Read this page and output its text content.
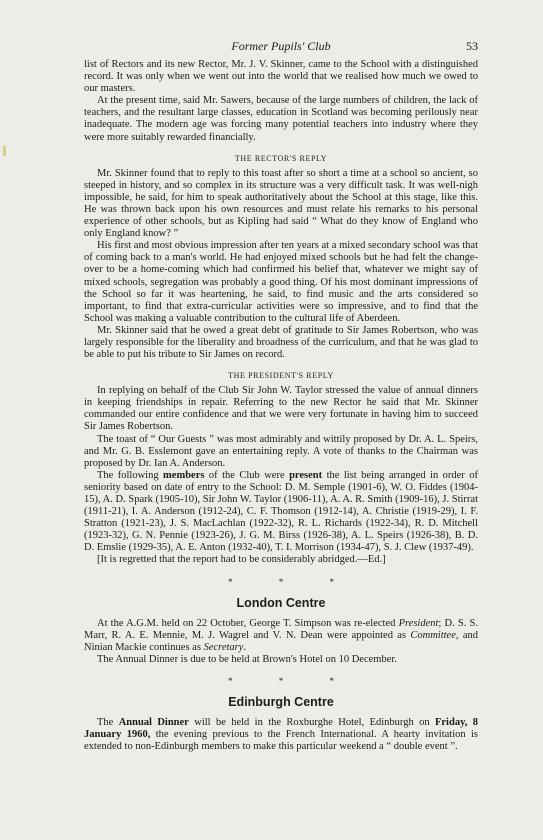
Former Pupils' Club	53

list of Rectors and its new Rector, Mr. J. V. Skinner, came to the School with a distinguished record. It was only when we went out into the world that we realised how much we owed to our masters.

At the present time, said Mr. Sawers, because of the large numbers of children, the lack of teachers, and the resultant large classes, education in Scotland was becoming perilously near inadequate. The modern age was forcing many potential teachers into industry where they were more suitably rewarded financially.

THE RECTOR'S REPLY

Mr. Skinner found that to reply to this toast after so short a time at a school so ancient, so steeped in history, and so complex in its structure was a very difficult task. It was well-nigh impossible, he said, for him to speak authoritatively about the School at this stage, like this. He was thrown back upon his own resources and must relate his remarks to his personal experience of other schools, but as Kipling had said “ What do they know of England who only England know? ”

His first and most obvious impression after ten years at a mixed secondary school was that of coming back to a man's world. He had enjoyed mixed schools but he had felt the change-over to be a home-coming which had confirmed his belief that, whatever we might say of mixed schools, segregation was probably a good thing. Of his most dominant impressions of the School so far it was heartening, he said, to find music and the arts considered so important, to find that extra-curricular activities were so impressive, and to find that the School was making a valuable contribution to the cultural life of Aberdeen.

Mr. Skinner said that he owed a great debt of gratitude to Sir James Robertson, who was largely responsible for the liberality and broadness of the curriculum, and that he was glad to be able to put his tribute to Sir James on record.

THE PRESIDENT'S REPLY

In replying on behalf of the Club Sir John W. Taylor stressed the value of annual dinners in keeping friendships in repair. Referring to the new Rector he said that Mr. Skinner commanded our entire confidence and that we were very fortunate in having him to succeed Sir James Robertson.

The toast of “ Our Guests ” was most admirably and wittily proposed by Dr. A. L. Speirs, and Mr. G. B. Esslemont gave an entertaining reply. A vote of thanks to the Chairman was proposed by Dr. Ian A. Anderson.

The following members of the Club were present the list being arranged in order of seniority based on date of entry to the School: D. M. Semple (1901-6), W. O. Fiddes (1904-15), A. D. Spark (1905-10), Sir John W. Taylor (1906-11), A. A. R. Smith (1909-16), J. Stirrat (1911-21), I. A. Anderson (1912-24), C. F. Thomson (1912-14), A. Christie (1919-29), I. F. Stratton (1921-23), J. S. MacLachlan (1922-32), R. L. Richards (1922-34), R. D. Mitchell (1923-32), G. N. Pennie (1923-26), J. G. M. Birss (1926-38), A. L. Speirs (1926-38), B. D. D. Emslie (1929-35), A. E. Anton (1932-40), T. I. Morrison (1934-47), S. J. Clew (1937-49).

[It is regretted that the report had to be considerably abridged.—Ed.]

* * *
London Centre

At the A.G.M. held on 22 October, George T. Simpson was re-elected President; D. S. S. Marr, R. A. E. Mennie, M. J. Wagrel and V. N. Dean were appointed as Committee, and Ninian Mackie continues as Secretary.

The Annual Dinner is due to be held at Brown's Hotel on 10 December.

* * *
Edinburgh Centre

The Annual Dinner will be held in the Roxburghe Hotel, Edinburgh on Friday, 8 January 1960, the evening previous to the French International. A hearty invitation is extended to non-Edinburgh members to make this particular weekend a “ double event ”.
